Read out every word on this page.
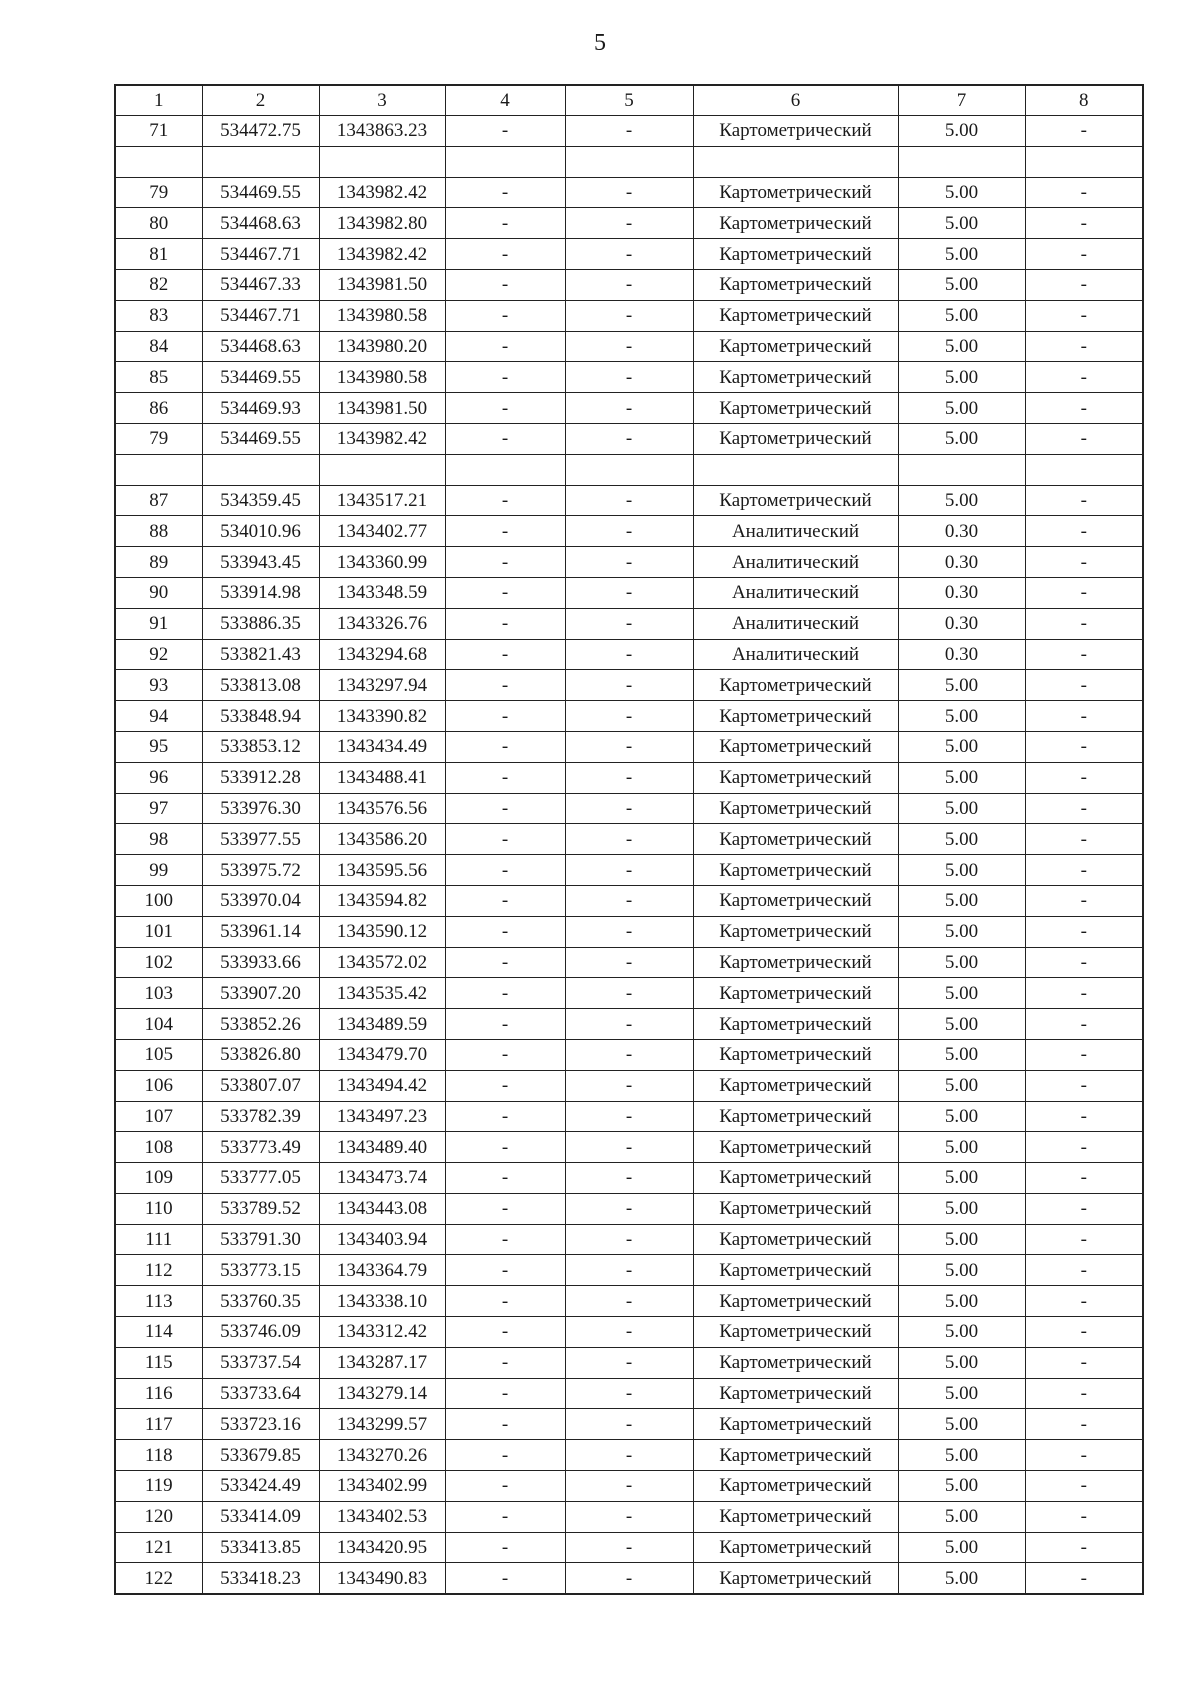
5
1	2	3	4	5	6	7	8
71	534472.75	1343863.23	-	-	Картометрический	5.00	-

79	534469.55	1343982.42	-	-	Картометрический	5.00	-
80	534468.63	1343982.80	-	-	Картометрический	5.00	-
81	534467.71	1343982.42	-	-	Картометрический	5.00	-
82	534467.33	1343981.50	-	-	Картометрический	5.00	-
83	534467.71	1343980.58	-	-	Картометрический	5.00	-
84	534468.63	1343980.20	-	-	Картометрический	5.00	-
85	534469.55	1343980.58	-	-	Картометрический	5.00	-
86	534469.93	1343981.50	-	-	Картометрический	5.00	-
79	534469.55	1343982.42	-	-	Картометрический	5.00	-

87	534359.45	1343517.21	-	-	Картометрический	5.00	-
88	534010.96	1343402.77	-	-	Аналитический	0.30	-
89	533943.45	1343360.99	-	-	Аналитический	0.30	-
90	533914.98	1343348.59	-	-	Аналитический	0.30	-
91	533886.35	1343326.76	-	-	Аналитический	0.30	-
92	533821.43	1343294.68	-	-	Аналитический	0.30	-
93	533813.08	1343297.94	-	-	Картометрический	5.00	-
94	533848.94	1343390.82	-	-	Картометрический	5.00	-
95	533853.12	1343434.49	-	-	Картометрический	5.00	-
96	533912.28	1343488.41	-	-	Картометрический	5.00	-
97	533976.30	1343576.56	-	-	Картометрический	5.00	-
98	533977.55	1343586.20	-	-	Картометрический	5.00	-
99	533975.72	1343595.56	-	-	Картометрический	5.00	-
100	533970.04	1343594.82	-	-	Картометрический	5.00	-
101	533961.14	1343590.12	-	-	Картометрический	5.00	-
102	533933.66	1343572.02	-	-	Картометрический	5.00	-
103	533907.20	1343535.42	-	-	Картометрический	5.00	-
104	533852.26	1343489.59	-	-	Картометрический	5.00	-
105	533826.80	1343479.70	-	-	Картометрический	5.00	-
106	533807.07	1343494.42	-	-	Картометрический	5.00	-
107	533782.39	1343497.23	-	-	Картометрический	5.00	-
108	533773.49	1343489.40	-	-	Картометрический	5.00	-
109	533777.05	1343473.74	-	-	Картометрический	5.00	-
110	533789.52	1343443.08	-	-	Картометрический	5.00	-
111	533791.30	1343403.94	-	-	Картометрический	5.00	-
112	533773.15	1343364.79	-	-	Картометрический	5.00	-
113	533760.35	1343338.10	-	-	Картометрический	5.00	-
114	533746.09	1343312.42	-	-	Картометрический	5.00	-
115	533737.54	1343287.17	-	-	Картометрический	5.00	-
116	533733.64	1343279.14	-	-	Картометрический	5.00	-
117	533723.16	1343299.57	-	-	Картометрический	5.00	-
118	533679.85	1343270.26	-	-	Картометрический	5.00	-
119	533424.49	1343402.99	-	-	Картометрический	5.00	-
120	533414.09	1343402.53	-	-	Картометрический	5.00	-
121	533413.85	1343420.95	-	-	Картометрический	5.00	-
122	533418.23	1343490.83	-	-	Картометрический	5.00	-
